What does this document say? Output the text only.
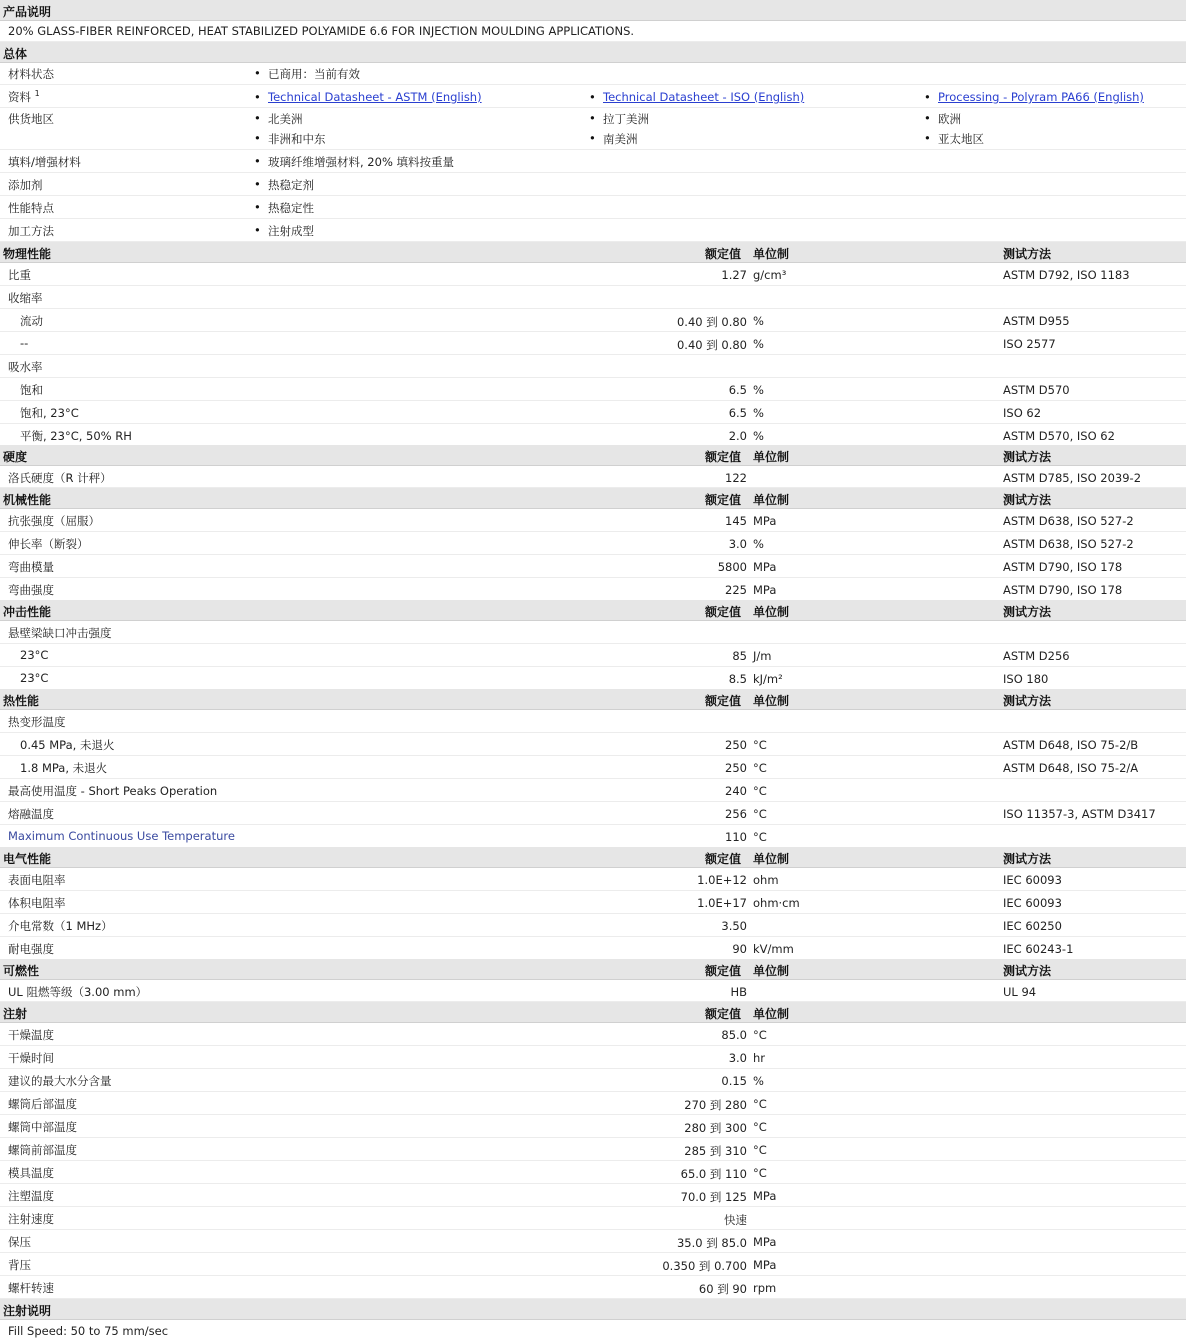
产品说明
20% GLASS-FIBER REINFORCED, HEAT STABILIZED POLYAMIDE 6.6 FOR INJECTION MOULDING APPLICATIONS.
总体
材料状态	• 已商用：当前有效
资料 $^1$	• Technical Datasheet - ASTM (English)	• Technical Datasheet - ISO (English)	• Processing - Polyram PA66 (English)
供货地区	• 北美洲	• 拉丁美洲	• 欧洲
• 非洲和中东	• 南美洲	• 亚太地区
填料/增强材料	• 玻璃纤维增强材料, 20% 填料按重量
添加剂	• 热稳定剂
性能特点	• 热稳定性
加工方法	• 注射成型
物理性能	额定值 单位制	测试方法
比重	1.27 g/cm³	ASTM D792, ISO 1183
收缩率
流动	0.40 到 0.80 %	ASTM D955
--	0.40 到 0.80 %	ISO 2577
吸水率
饱和	6.5 %	ASTM D570
饱和, 23°C	6.5 %	ISO 62
平衡, 23°C, 50% RH	2.0 %	ASTM D570, ISO 62
硬度	额定值 单位制	测试方法
洛氏硬度（R 计秤）	122	ASTM D785, ISO 2039-2
机械性能	额定值 单位制	测试方法
抗张强度（屈服）	145 MPa	ASTM D638, ISO 527-2
伸长率（断裂）	3.0 %	ASTM D638, ISO 527-2
弯曲模量	5800 MPa	ASTM D790, ISO 178
弯曲强度	225 MPa	ASTM D790, ISO 178
冲击性能	额定值 单位制	测试方法
悬壁梁缺口冲击强度
23°C	85 J/m	ASTM D256
23°C	8.5 kJ/m²	ISO 180
热性能	额定值 单位制	测试方法
热变形温度
0.45 MPa, 未退火	250 °C	ASTM D648, ISO 75-2/B
1.8 MPa, 未退火	250 °C	ASTM D648, ISO 75-2/A
最高使用温度 - Short Peaks Operation	240 °C
熔融温度	256 °C	ISO 11357-3, ASTM D3417
Maximum Continuous Use Temperature	110 °C
电气性能	额定值 单位制	测试方法
表面电阻率	1.0E+12 ohm	IEC 60093
体积电阻率	1.0E+17 ohm·cm	IEC 60093
介电常数（1 MHz）	3.50	IEC 60250
耐电强度	90 kV/mm	IEC 60243-1
可燃性	额定值 单位制	测试方法
UL 阻燃等级（3.00 mm）	HB	UL 94
注射	额定值 单位制
干燥温度	85.0 °C
干燥时间	3.0 hr
建议的最大水分含量	0.15 %
螺筒后部温度	270 到 280 °C
螺筒中部温度	280 到 300 °C
螺筒前部温度	285 到 310 °C
模具温度	65.0 到 110 °C
注塑温度	70.0 到 125 MPa
注射速度	快速
保压	35.0 到 85.0 MPa
背压	0.350 到 0.700 MPa
螺杆转速	60 到 90 rpm
注射说明
Fill Speed: 50 to 75 mm/sec
